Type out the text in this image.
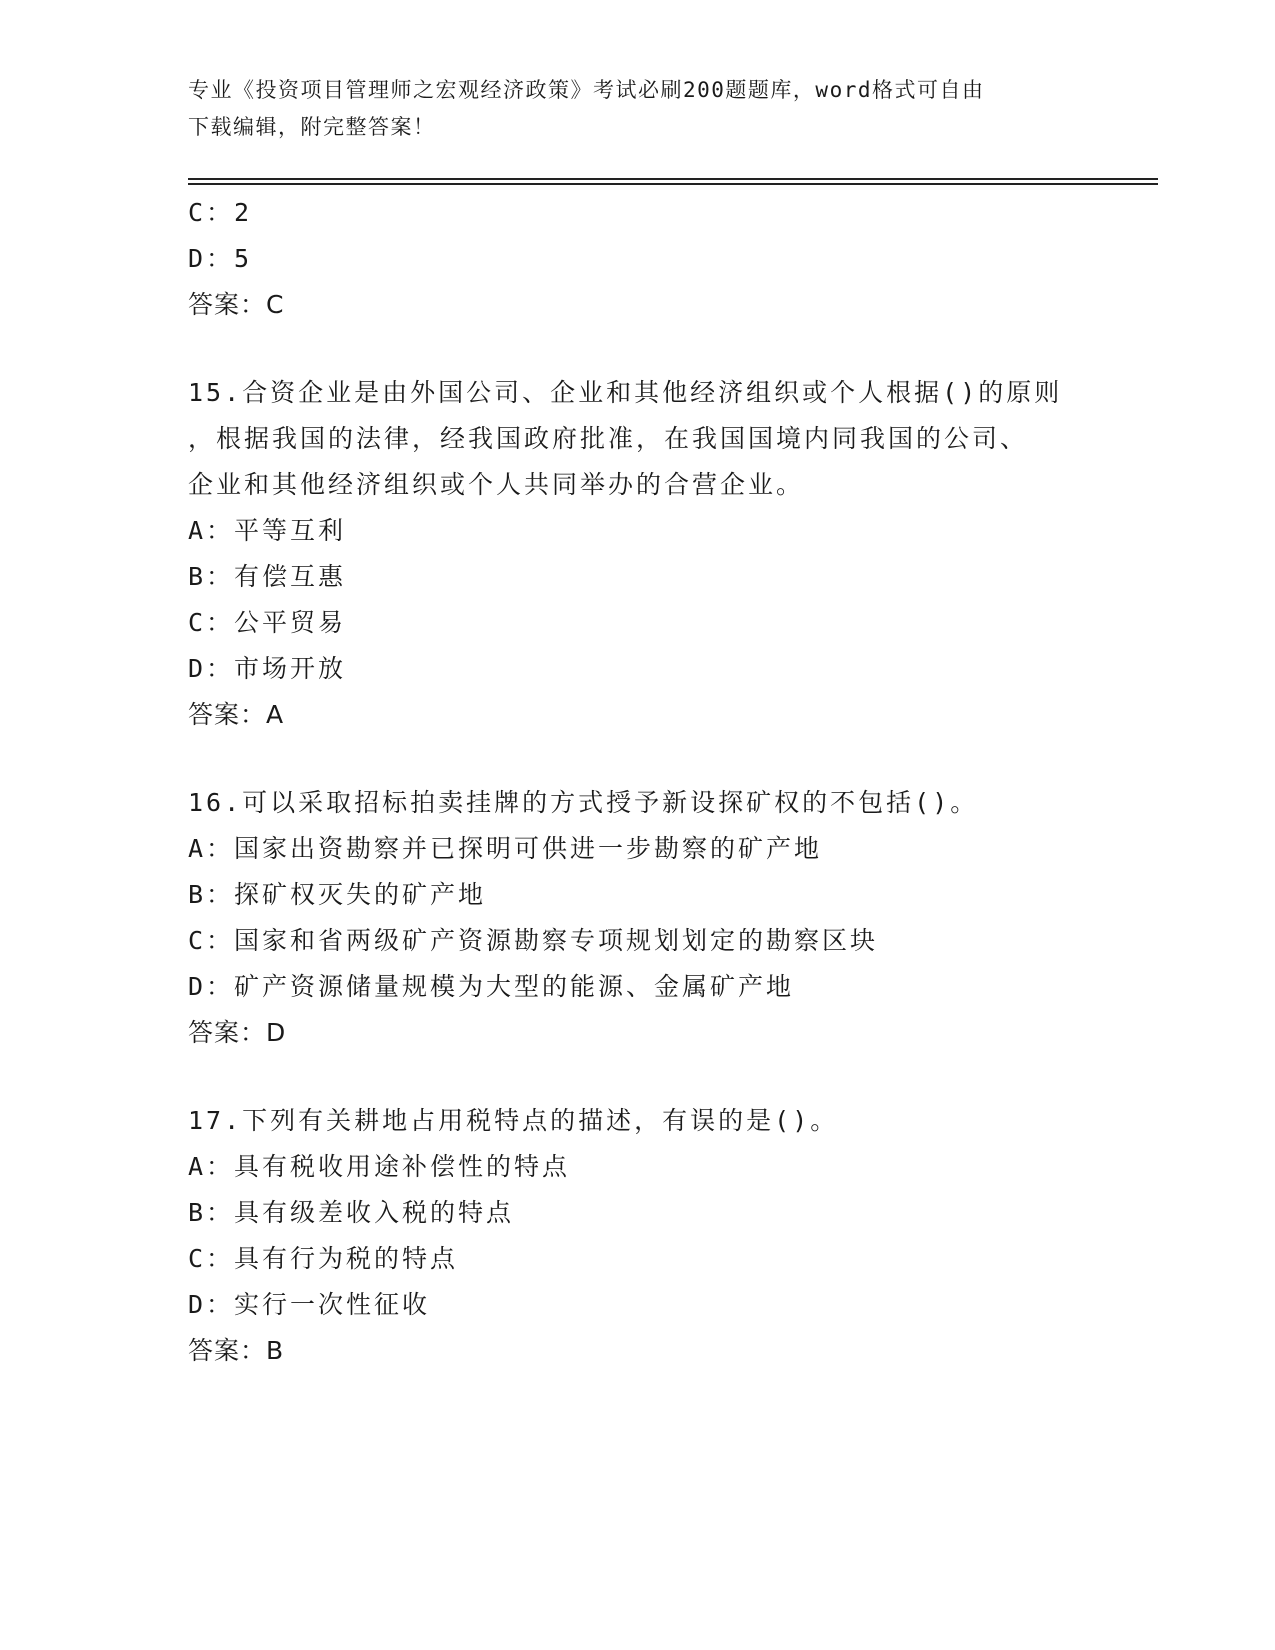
专业《投资项目管理师之宏观经济政策》考试必刷200题题库，word格式可自由
下载编辑，附完整答案！
C：2
D：5
答案：C
15.合资企业是由外国公司、企业和其他经济组织或个人根据()的原则
，根据我国的法律，经我国政府批准，在我国国境内同我国的公司、
企业和其他经济组织或个人共同举办的合营企业。
A：平等互利
B：有偿互惠
C：公平贸易
D：市场开放
答案：A
16.可以采取招标拍卖挂牌的方式授予新设探矿权的不包括()。
A：国家出资勘察并已探明可供进一步勘察的矿产地
B：探矿权灭失的矿产地
C：国家和省两级矿产资源勘察专项规划划定的勘察区块
D：矿产资源储量规模为大型的能源、金属矿产地
答案：D
17.下列有关耕地占用税特点的描述，有误的是()。
A：具有税收用途补偿性的特点
B：具有级差收入税的特点
C：具有行为税的特点
D：实行一次性征收
答案：B
